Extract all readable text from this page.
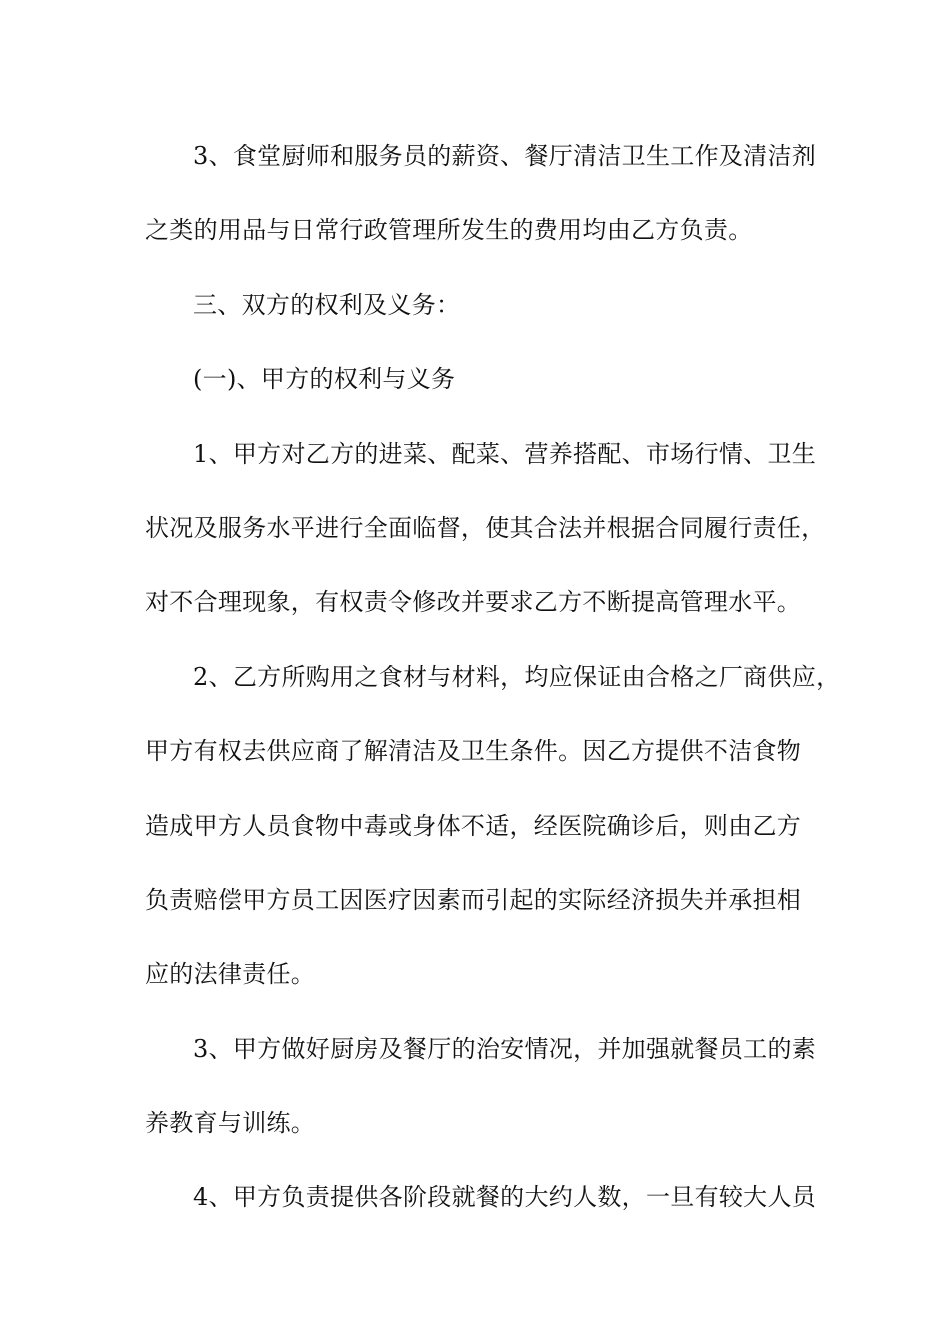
3、食堂厨师和服务员的薪资、餐厅清洁卫生工作及清洁剂
之类的用品与日常行政管理所发生的费用均由乙方负责。
三、双方的权利及义务：
(一)、甲方的权利与义务
1、甲方对乙方的进菜、配菜、营养搭配、市场行情、卫生
状况及服务水平进行全面临督，使其合法并根据合同履行责任，
对不合理现象，有权责令修改并要求乙方不断提高管理水平。
2、乙方所购用之食材与材料，均应保证由合格之厂商供应，
甲方有权去供应商了解清洁及卫生条件。因乙方提供不洁食物
造成甲方人员食物中毒或身体不适，经医院确诊后，则由乙方
负责赔偿甲方员工因医疗因素而引起的实际经济损失并承担相
应的法律责任。
3、甲方做好厨房及餐厅的治安情况，并加强就餐员工的素
养教育与训练。
4、甲方负责提供各阶段就餐的大约人数，一旦有较大人员
